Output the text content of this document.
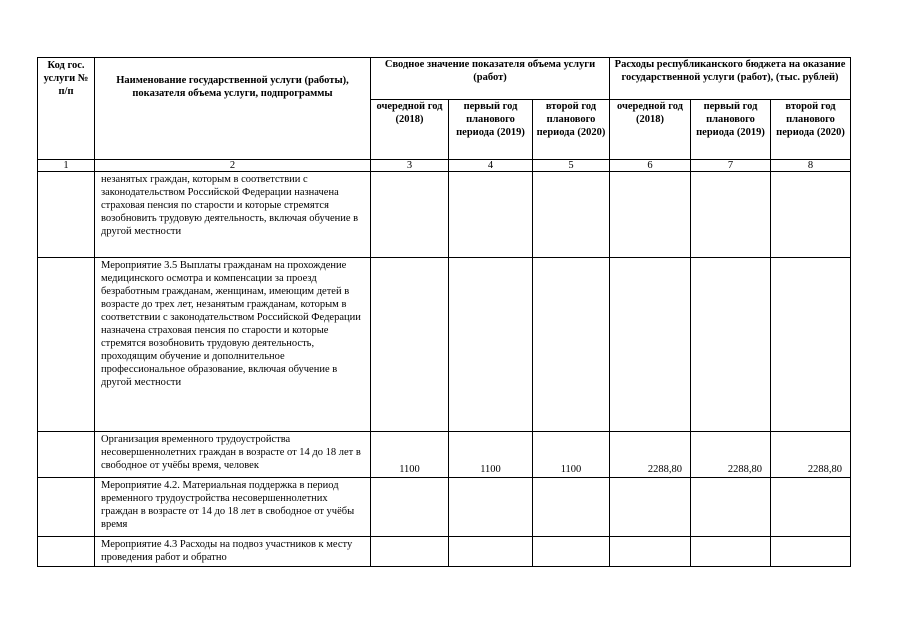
Код гос. услуги № п/п	Наименование государственной услуги (работы), показателя объема услуги, подпрограммы	Сводное значение показателя объема услуги (работ)			Расходы республиканского бюджета на оказание государственной услуги (работ), (тыс. рублей)		
		очередной год (2018)	первый год планового периода (2019)	второй год планового периода (2020)	очередной год (2018)	первый год планового периода (2019)	второй год планового периода (2020)
1	2	3	4	5	6	7	8
	незанятых граждан, которым в соответствии с законодательством Российской Федерации назначена страховая пенсия по старости и которые стремятся возобновить трудовую деятельность, включая обучение в другой местности						
	Мероприятие 3.5 Выплаты гражданам на прохождение медицинского осмотра и компенсации за проезд безработным гражданам, женщинам, имеющим детей в возрасте до трех лет, незанятым гражданам, которым в соответствии с законодательством Российской Федерации назначена страховая пенсия по старости и которые стремятся возобновить трудовую деятельность, проходящим обучение и дополнительное профессиональное образование, включая обучение в другой местности						
	Организация временного трудоустройства несовершеннолетних граждан в возрасте от 14 до 18 лет в свободное от учёбы время, человек	1100	1100	1100	2288,80	2288,80	2288,80
	Мероприятие 4.2. Материальная поддержка в период временного трудоустройства несовершеннолетних граждан в возрасте от 14 до 18 лет в свободное от учёбы время						
	Мероприятие 4.3 Расходы на подвоз участников к месту проведения работ и обратно						
